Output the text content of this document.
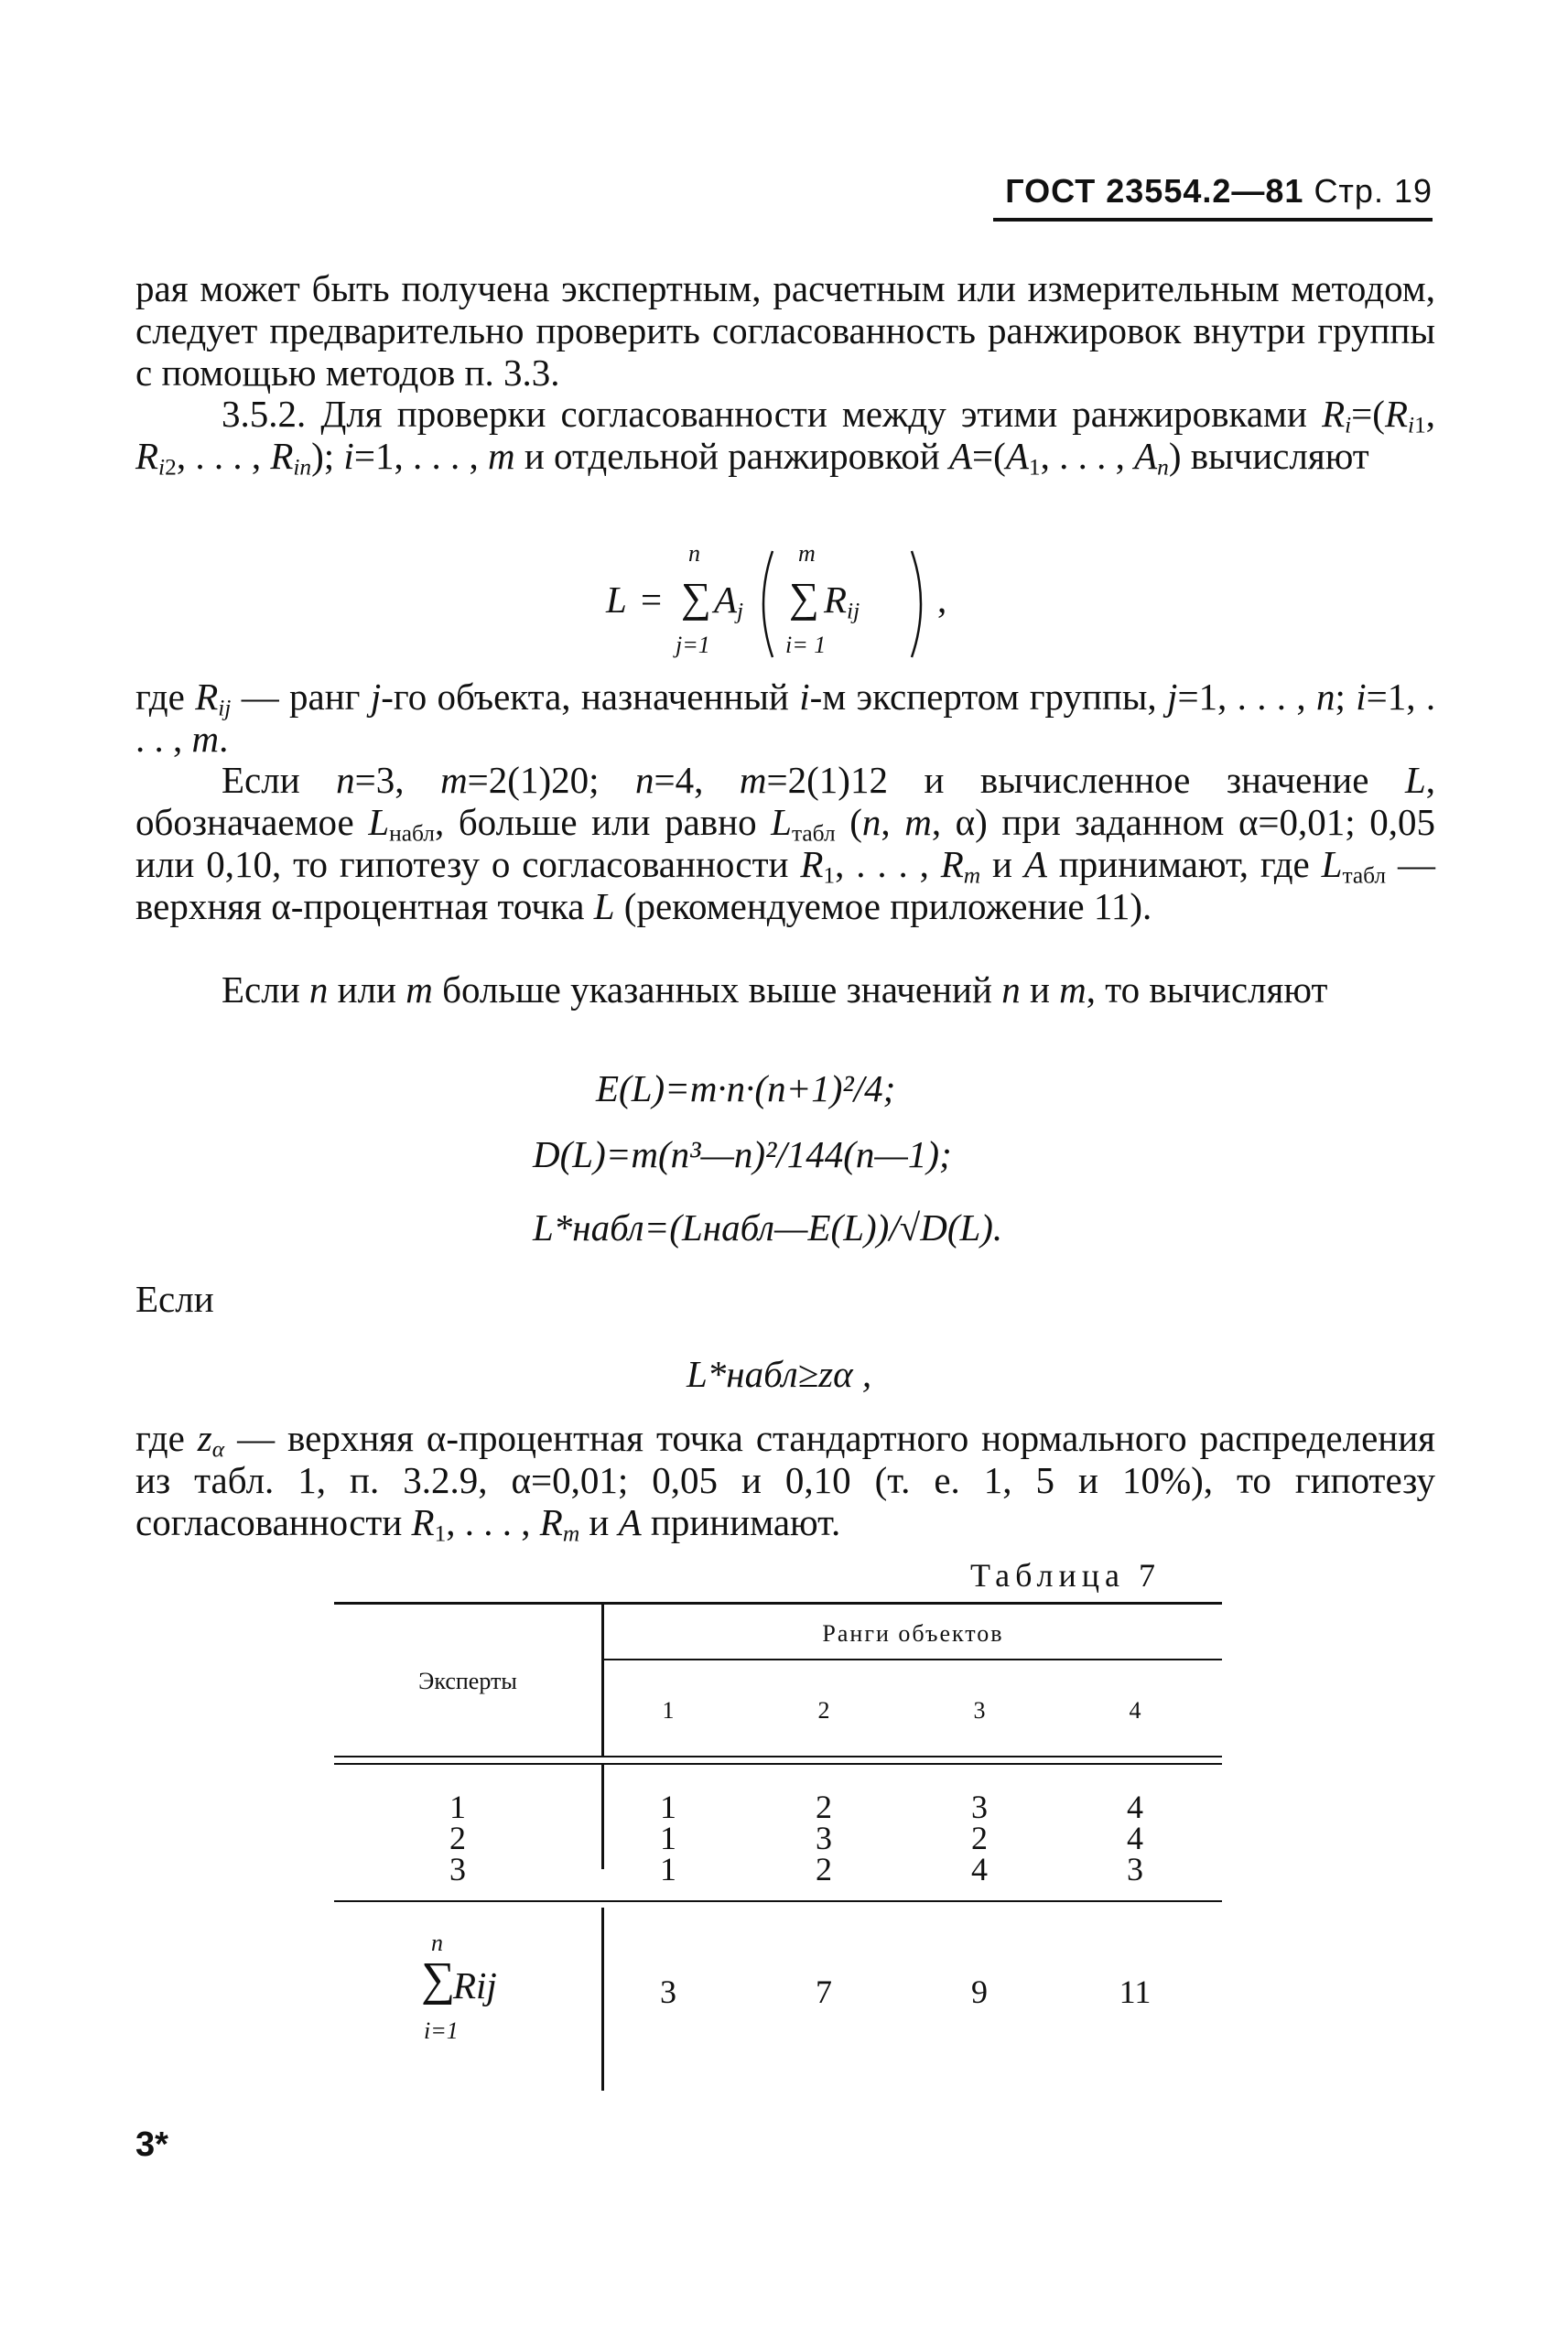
ГОСТ 23554.2—81 Стр. 19
рая может быть получена экспертным, расчетным или измерительным методом, следует предварительно проверить согласованность ранжировок внутри группы с помощью методов п. 3.3.
3.5.2. Для проверки согласованности между этими ранжировками $R_i=(R_{i1}$, $R_{i2}$, . . . , $R_{in}$); i=1, . . . , m и отдельной ранжировкой $A=(A_1$, . . . , $A_n$) вычисляют
L =
n
∑
j=1
$A_j$
m
∑
i= 1
$R_{ij}$ ,
где $R_{ij}$ — ранг j-го объекта, назначенный i-м экспертом группы, j=1, . . . , n; i=1, . . . , m.
Если n=3, m=2(1)20; n=4, m=2(1)12 и вычисленное значение L, обозначаемое $L_{набл}$, больше или равно $L_{табл}$ (n, m, α) при заданном α=0,01; 0,05 или 0,10, то гипотезу о согласованности $R_1$, . . . , $R_m$ и A принимают, где $L_{табл}$ — верхняя α-процентная точка L (рекомендуемое приложение 11).
Если n или m больше указанных выше значений n и m, то вычисляют
E(L)=m·n·(n+1)²/4;
D(L)=m(n³—n)²/144(n—1);
L*набл=(Lнабл—E(L))/√D(L).
Если
L*набл≥zα ,
где $z_\alpha$ — верхняя α-процентная точка стандартного нормального распределения из табл. 1, п. 3.2.9, α=0,01; 0,05 и 0,10 (т. е. 1, 5 и 10%), то гипотезу согласованности $R_1$, . . . , $R_m$ и A принимают.
Таблица 7
Эксперты
Ранги объектов
1	2	3	4
1	1	2	3	4
2	1	3	2	4
3	1	2	4	3
n
∑
Rij
i=1
3	7	9	11
3*
